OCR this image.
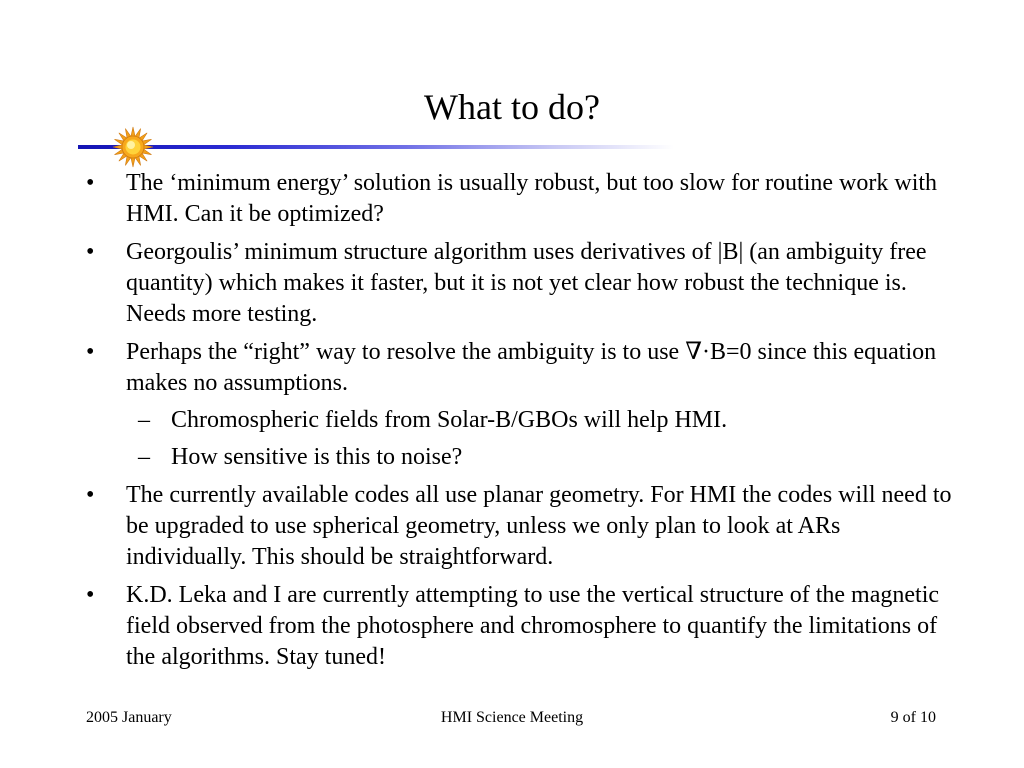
What to do?
•	The ‘minimum energy’ solution is usually robust, but too slow for routine work with HMI. Can it be optimized?
•	Georgoulis’ minimum structure algorithm uses derivatives of |B| (an ambiguity free quantity) which makes it faster, but it is not yet clear how robust the technique is. Needs more testing.
•	Perhaps the “right” way to resolve the ambiguity is to use ∇·B=0 since this equation makes no assumptions.
– Chromospheric fields from Solar-B/GBOs will help HMI.
– How sensitive is this to noise?
•	The currently available codes all use planar geometry. For HMI the codes will need to be upgraded to use spherical geometry, unless we only plan to look at ARs individually. This should be straightforward.
•	K.D. Leka and I are currently attempting to use the vertical structure of the magnetic field observed from the photosphere and chromosphere to quantify the limitations of the algorithms. Stay tuned!
2005 January	HMI Science Meeting	9 of 10
